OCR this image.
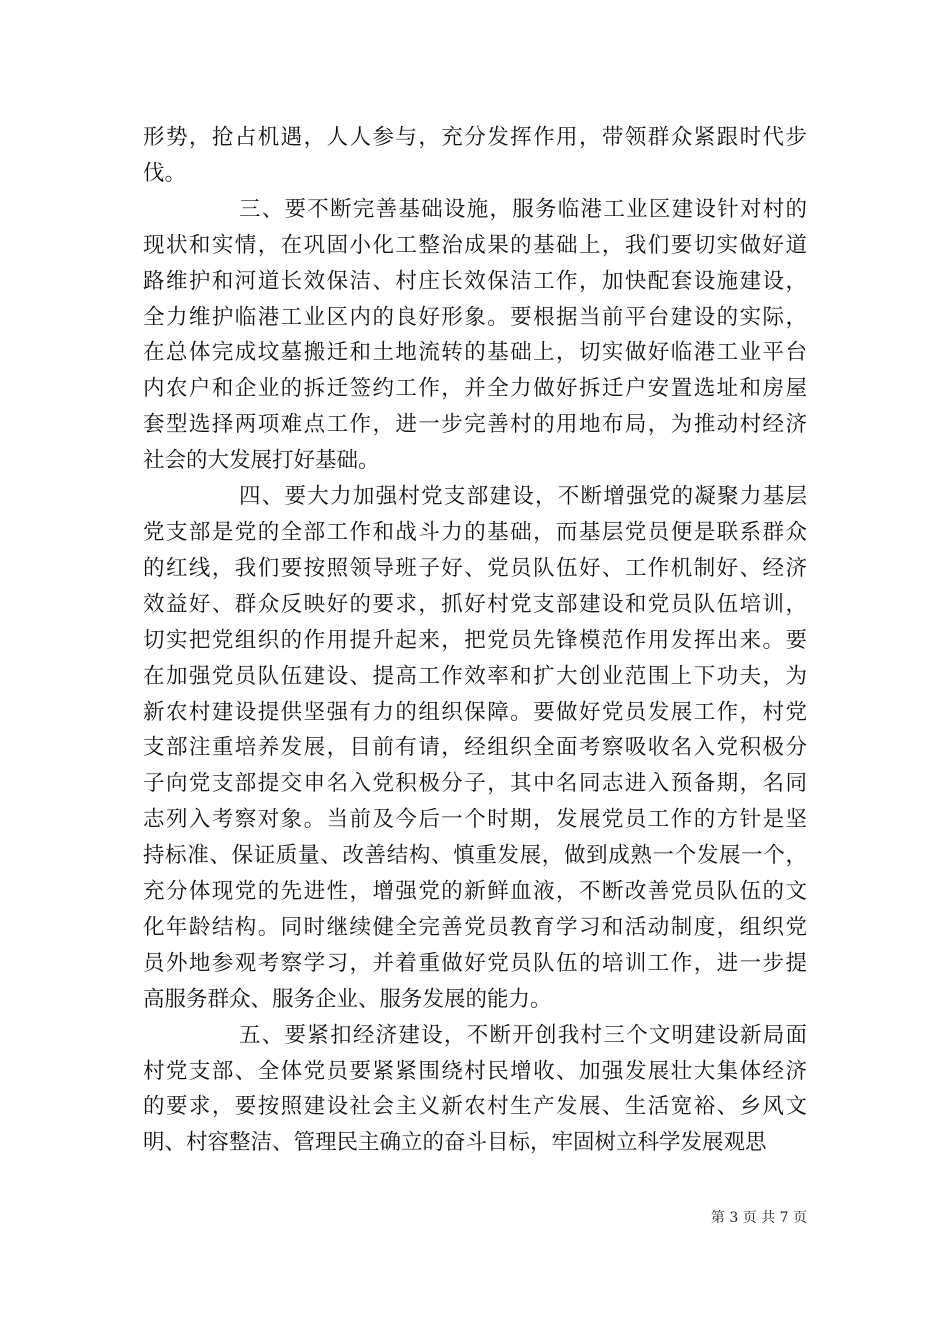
形势，抢占机遇，人人参与，充分发挥作用，带领群众紧跟时代步
伐。
三、要不断完善基础设施，服务临港工业区建设针对村的
现状和实情，在巩固小化工整治成果的基础上，我们要切实做好道
路维护和河道长效保洁、村庄长效保洁工作，加快配套设施建设，
全力维护临港工业区内的良好形象。要根据当前平台建设的实际，
在总体完成坟墓搬迁和土地流转的基础上，切实做好临港工业平台
内农户和企业的拆迁签约工作，并全力做好拆迁户安置选址和房屋
套型选择两项难点工作，进一步完善村的用地布局，为推动村经济
社会的大发展打好基础。
四、要大力加强村党支部建设，不断增强党的凝聚力基层
党支部是党的全部工作和战斗力的基础，而基层党员便是联系群众
的红线，我们要按照领导班子好、党员队伍好、工作机制好、经济
效益好、群众反映好的要求，抓好村党支部建设和党员队伍培训，
切实把党组织的作用提升起来，把党员先锋模范作用发挥出来。要
在加强党员队伍建设、提高工作效率和扩大创业范围上下功夫，为
新农村建设提供坚强有力的组织保障。要做好党员发展工作，村党
支部注重培养发展，目前有请，经组织全面考察吸收名入党积极分
子向党支部提交申名入党积极分子，其中名同志进入预备期，名同
志列入考察对象。当前及今后一个时期，发展党员工作的方针是坚
持标准、保证质量、改善结构、慎重发展，做到成熟一个发展一个，
充分体现党的先进性，增强党的新鲜血液，不断改善党员队伍的文
化年龄结构。同时继续健全完善党员教育学习和活动制度，组织党
员外地参观考察学习，并着重做好党员队伍的培训工作，进一步提
高服务群众、服务企业、服务发展的能力。
五、要紧扣经济建设，不断开创我村三个文明建设新局面
村党支部、全体党员要紧紧围绕村民增收、加强发展壮大集体经济
的要求，要按照建设社会主义新农村生产发展、生活宽裕、乡风文
明、村容整洁、管理民主确立的奋斗目标，牢固树立科学发展观思
第 3 页 共 7 页
